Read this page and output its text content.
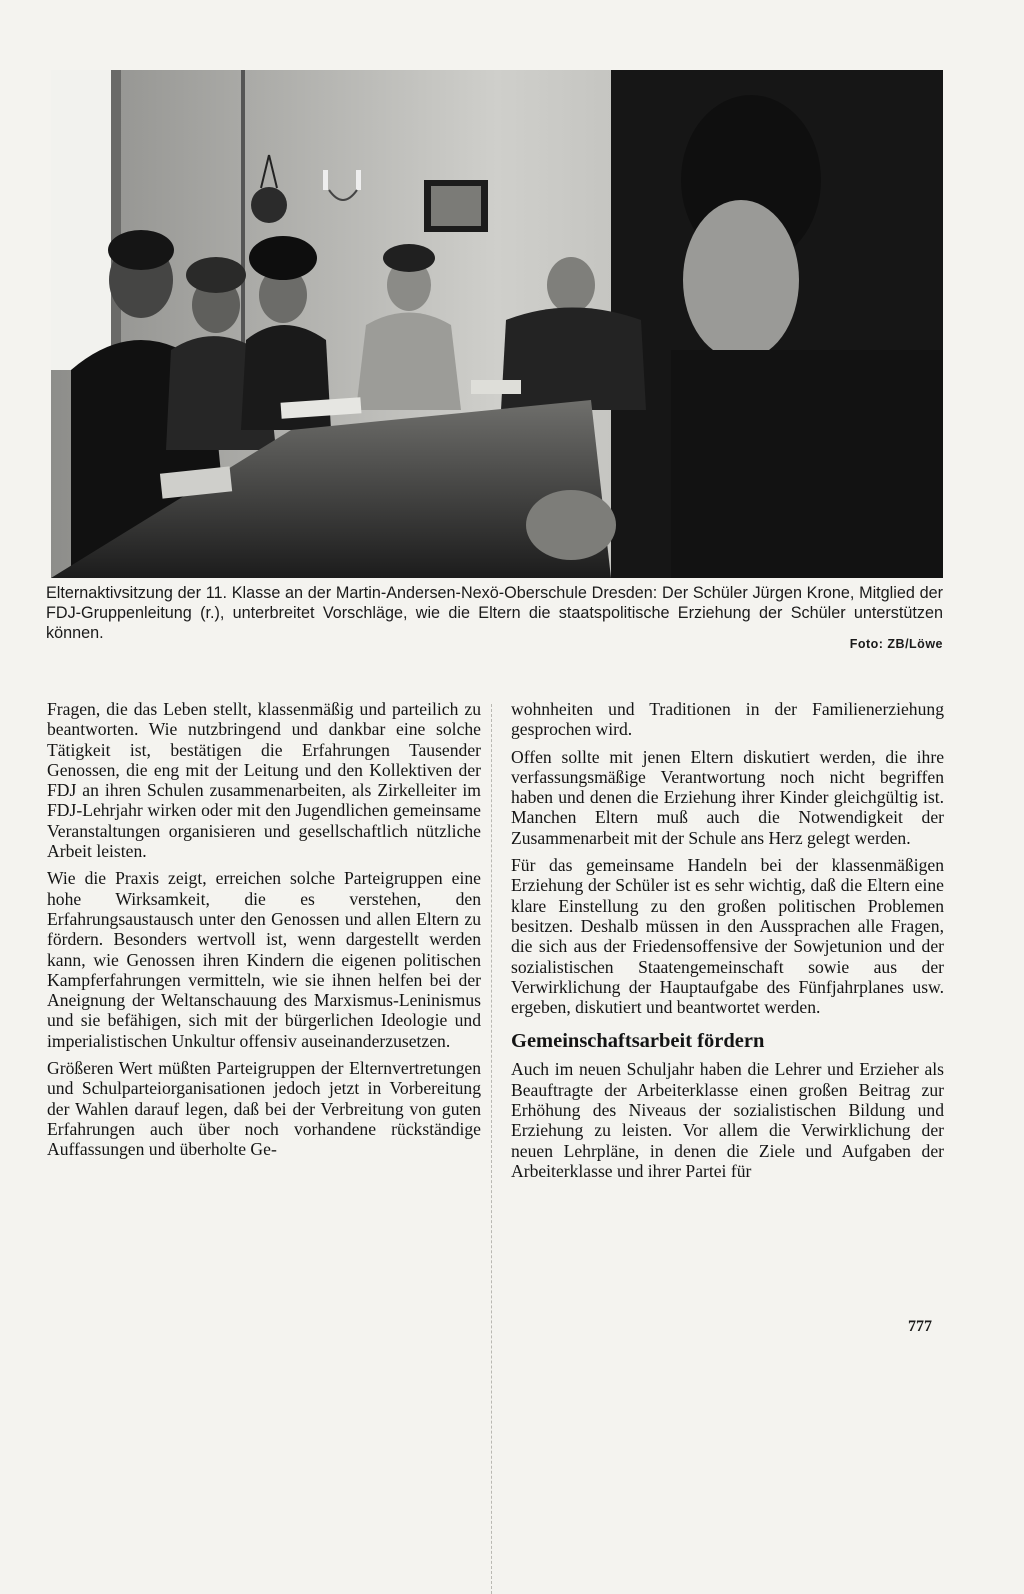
Elternaktivsitzung der 11. Klasse an der Martin-Andersen-Nexö-Oberschule Dresden: Der Schüler Jürgen Krone, Mitglied der FDJ-Gruppenleitung (r.), unterbreitet Vorschläge, wie die Eltern die staatspolitische Erziehung der Schüler unterstützen können.
Foto: ZB/Löwe

Fragen, die das Leben stellt, klassenmäßig und parteilich zu beantworten. Wie nutzbringend und dankbar eine solche Tätigkeit ist, bestätigen die Erfahrungen Tausender Genossen, die eng mit der Leitung und den Kollektiven der FDJ an ihren Schulen zusammenarbeiten, als Zirkelleiter im FDJ-Lehrjahr wirken oder mit den Jugendlichen gemeinsame Veranstaltungen organisieren und gesellschaftlich nützliche Arbeit leisten.

Wie die Praxis zeigt, erreichen solche Parteigruppen eine hohe Wirksamkeit, die es verstehen, den Erfahrungsaustausch unter den Genossen und allen Eltern zu fördern. Besonders wertvoll ist, wenn dargestellt werden kann, wie Genossen ihren Kindern die eigenen politischen Kampferfahrungen vermitteln, wie sie ihnen helfen bei der Aneignung der Weltanschauung des Marxismus-Leninismus und sie befähigen, sich mit der bürgerlichen Ideologie und imperialistischen Unkultur offensiv auseinanderzusetzen.

Größeren Wert müßten Parteigruppen der Elternvertretungen und Schulparteiorganisationen jedoch jetzt in Vorbereitung der Wahlen darauf legen, daß bei der Verbreitung von guten Erfahrungen auch über noch vorhandene rückständige Auffassungen und überholte Ge-

wohnheiten und Traditionen in der Familienerziehung gesprochen wird.

Offen sollte mit jenen Eltern diskutiert werden, die ihre verfassungsmäßige Verantwortung noch nicht begriffen haben und denen die Erziehung ihrer Kinder gleichgültig ist. Manchen Eltern muß auch die Notwendigkeit der Zusammenarbeit mit der Schule ans Herz gelegt werden.

Für das gemeinsame Handeln bei der klassenmäßigen Erziehung der Schüler ist es sehr wichtig, daß die Eltern eine klare Einstellung zu den großen politischen Problemen besitzen. Deshalb müssen in den Aussprachen alle Fragen, die sich aus der Friedensoffensive der Sowjetunion und der sozialistischen Staatengemeinschaft sowie aus der Verwirklichung der Hauptaufgabe des Fünfjahrplanes usw. ergeben, diskutiert und beantwortet werden.

Gemeinschaftsarbeit fördern

Auch im neuen Schuljahr haben die Lehrer und Erzieher als Beauftragte der Arbeiterklasse einen großen Beitrag zur Erhöhung des Niveaus der sozialistischen Bildung und Erziehung zu leisten. Vor allem die Verwirklichung der neuen Lehrpläne, in denen die Ziele und Aufgaben der Arbeiterklasse und ihrer Partei für

777
